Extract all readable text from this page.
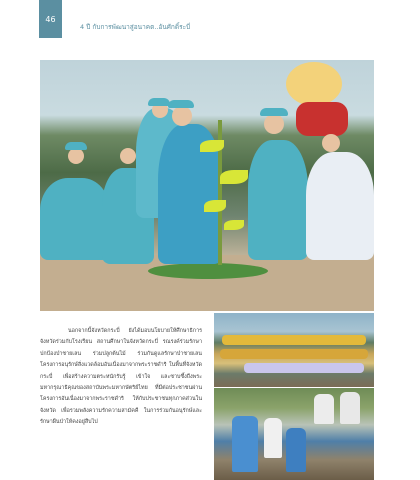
46
4 ปี กับการพัฒนาสู่อนาคต..อันศักดิ์ระบี่

นอกจากนี้จังหวัดกระบี่ ยังได้มอบนโยบายให้ศึกษาธิการจังหวัดร่วมกับโรงเรียน สถานศึกษาในจังหวัดกระบี่ รณรงค์ร่วมรักษา ปกป้องป่าชายเลน ร่วมปลูกต้นไม้ ร่วมกันดูแลรักษาป่าชายเลน โครงการอนุรักษ์สิ่งแวดล้อมอันเนื่องมาจากพระราชดำริ ในพื้นที่จังหวัดกระบี่ เพื่อสร้างความตระหนักรับรู้ เข้าใจ และซาบซึ้งถึงพระมหากรุณาธิคุณของสถาบันพระมหากษัตริย์ไทย ที่มีต่อประชาชนผ่านโครงการอันเนื่องมาจากพระราชดำริ ให้กับประชาชนทุกภาคส่วนในจังหวัด เพื่อรวมพลังความรักความสามัคคี ในการร่วมกันอนุรักษ์และรักษาผืนป่าให้คงอยู่สืบไป
